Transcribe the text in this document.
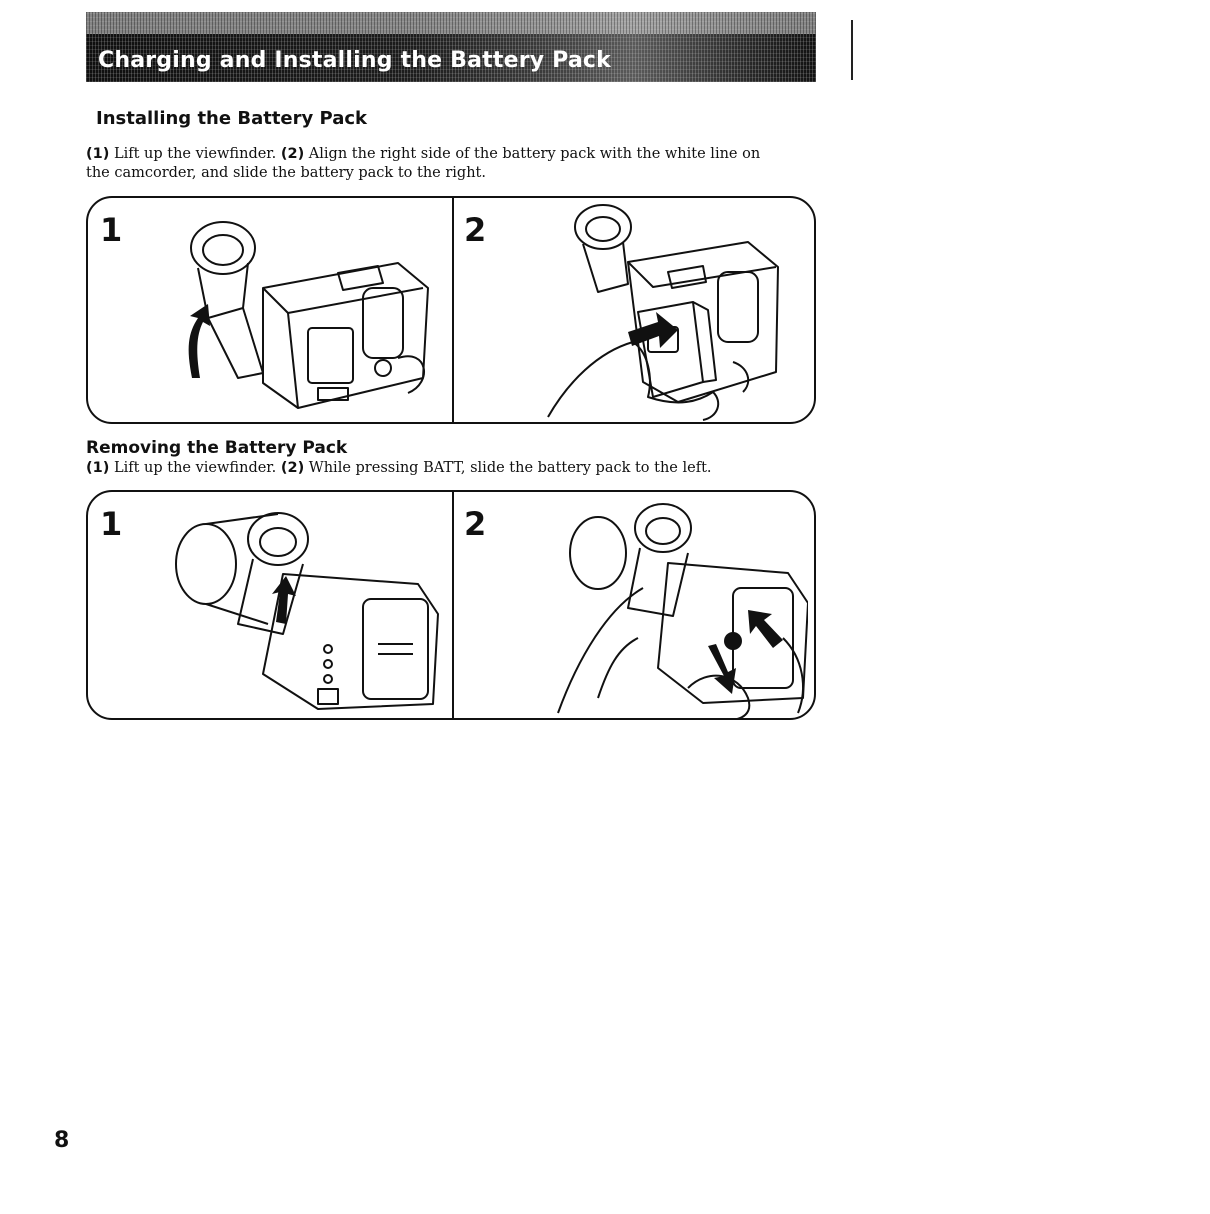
Charging and Installing the Battery Pack
Installing the Battery Pack
(1) Lift up the viewfinder. (2) Align the right side of the battery pack with the white line on the camcorder, and slide the battery pack to the right.
1	2
Removing the Battery Pack
(1) Lift up the viewfinder. (2) While pressing BATT, slide the battery pack to the left.
1	2
8
